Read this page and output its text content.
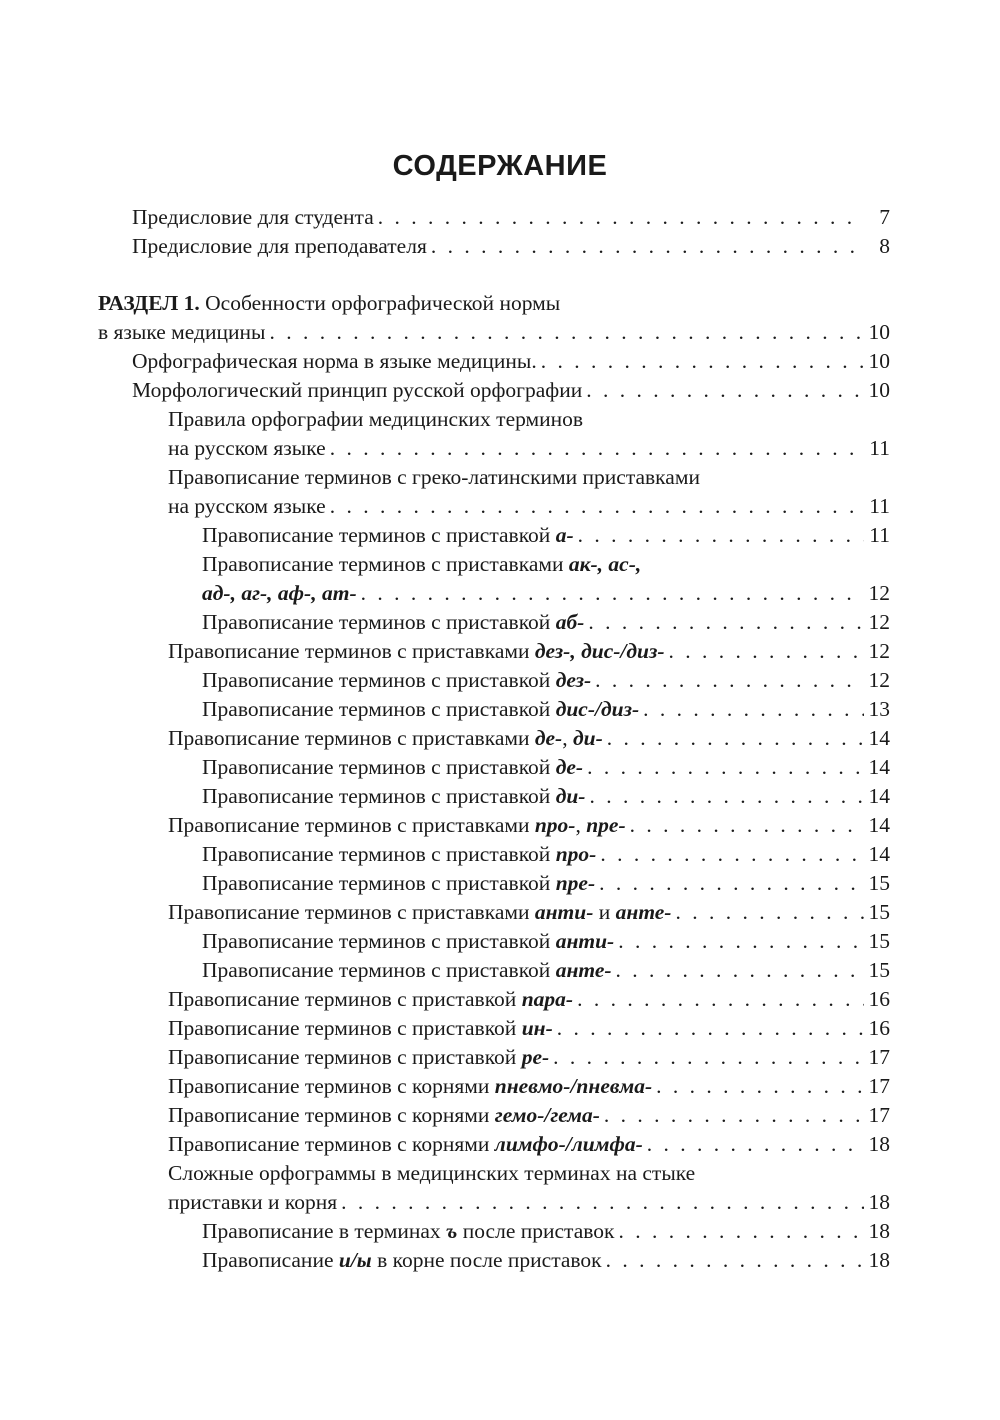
СОДЕРЖАНИЕ
Предисловие для студента . . .	7
Предисловие для преподавателя . . .	8
РАЗДЕЛ 1. Особенности орфографической нормы
в языке медицины . . .	10
Орфографическая норма в языке медицины. . . .	10
Морфологический принцип русской орфографии . . .	10
Правила орфографии медицинских терминов
на русском языке . . .	11
Правописание терминов с греко-латинскими приставками
на русском языке . . .	11
Правописание терминов с приставкой а- . . .	11
Правописание терминов с приставками ак-, ас-,
ад-, аг-, аф-, ат- . . .	12
Правописание терминов с приставкой аб- . . .	12
Правописание терминов с приставками дез-, дис-/диз- . . .	12
Правописание терминов с приставкой дез- . . .	12
Правописание терминов с приставкой дис-/диз- . . .	13
Правописание терминов с приставками де-, ди- . . .	14
Правописание терминов с приставкой де- . . .	14
Правописание терминов с приставкой ди- . . .	14
Правописание терминов с приставками про-, пре- . . .	14
Правописание терминов с приставкой про- . . .	14
Правописание терминов с приставкой пре- . . .	15
Правописание терминов с приставками анти- и анте- . . .	15
Правописание терминов с приставкой анти- . . .	15
Правописание терминов с приставкой анте- . . .	15
Правописание терминов с приставкой пара- . . .	16
Правописание терминов с приставкой ин- . . .	16
Правописание терминов с приставкой ре- . . .	17
Правописание терминов с корнями пневмо-/пневма- . . .	17
Правописание терминов с корнями гемо-/гема- . . .	17
Правописание терминов с корнями лимфо-/лимфа- . . .	18
Сложные орфограммы в медицинских терминах на стыке
приставки и корня . . .	18
Правописание в терминах ъ после приставок . . .	18
Правописание и/ы в корне после приставок . . .	18
